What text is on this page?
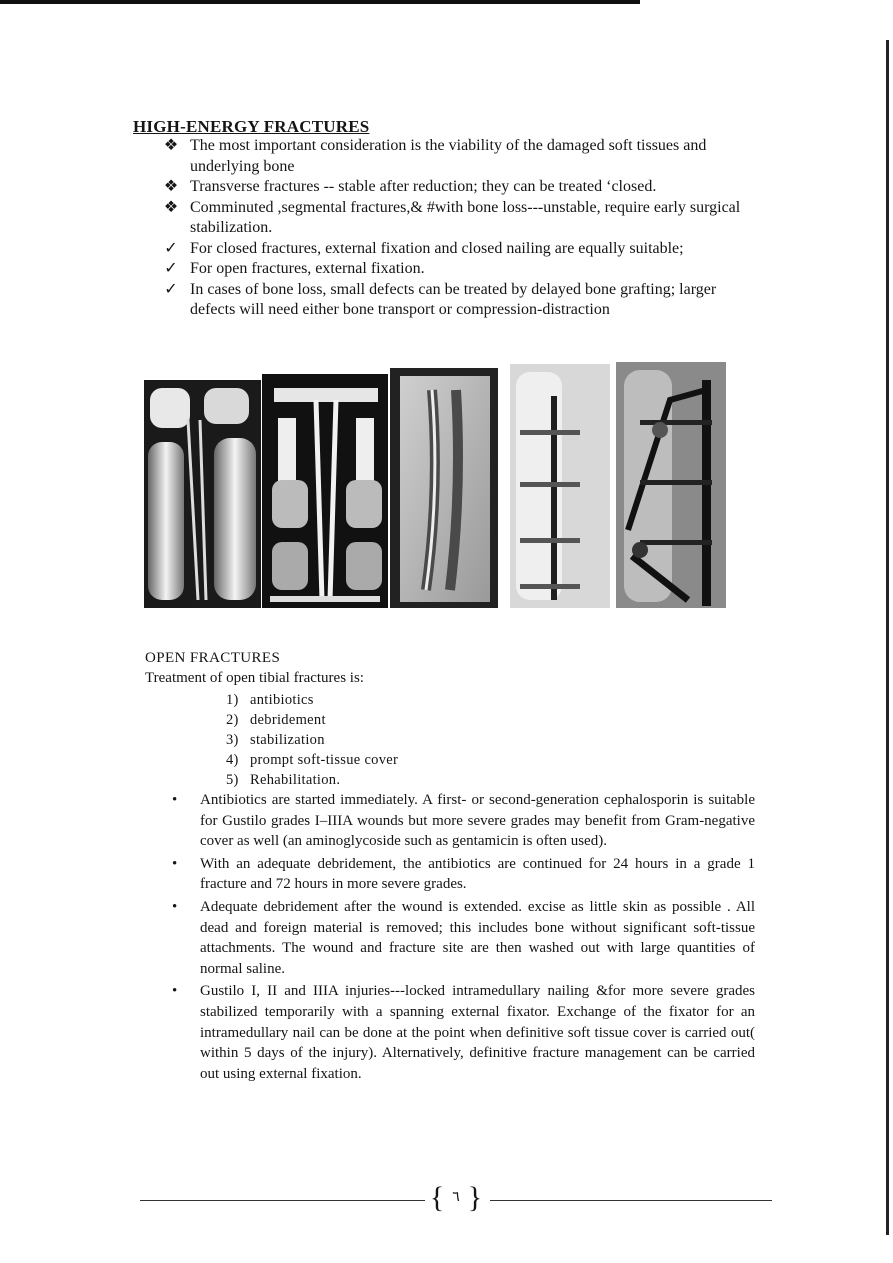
HIGH-ENERGY FRACTURES
❖ The most important consideration is the viability of the damaged soft tissues and underlying bone
❖ Transverse fractures -- stable after reduction; they can be treated ‘closed.
❖ Comminuted ,segmental fractures,& #with bone loss---unstable, require early surgical stabilization.
✓ For closed fractures, external fixation and closed nailing are equally suitable;
✓ For open fractures, external fixation.
✓ In cases of bone loss, small defects can be treated by delayed bone grafting; larger defects will need either bone transport or compression-distraction
OPEN FRACTURES

Treatment of open tibial fractures is:

1) antibiotics
2) debridement
3) stabilization
4) prompt soft-tissue cover
5) Rehabilitation.
• Antibiotics are started immediately. A first- or second-generation cephalosporin is suitable for Gustilo grades I–IIIA wounds but more severe grades may benefit from Gram-negative cover as well (an aminoglycoside such as gentamicin is often used).
• With an adequate debridement, the antibiotics are continued for 24 hours in a grade 1 fracture and 72 hours in more severe grades.
• Adequate debridement after the wound is extended. excise as little skin as possible . All dead and foreign material is removed; this includes bone without significant soft-tissue attachments. The wound and fracture site are then washed out with large quantities of normal saline.
• Gustilo I, II and IIIA injuries---locked intramedullary nailing &for more severe grades stabilized temporarily with a spanning external fixator. Exchange of the fixator for an intramedullary nail can be done at the point when definitive soft tissue cover is carried out( within 5 days of the injury). Alternatively, definitive fracture management can be carried out using external fixation.
{ $^٦$ }
